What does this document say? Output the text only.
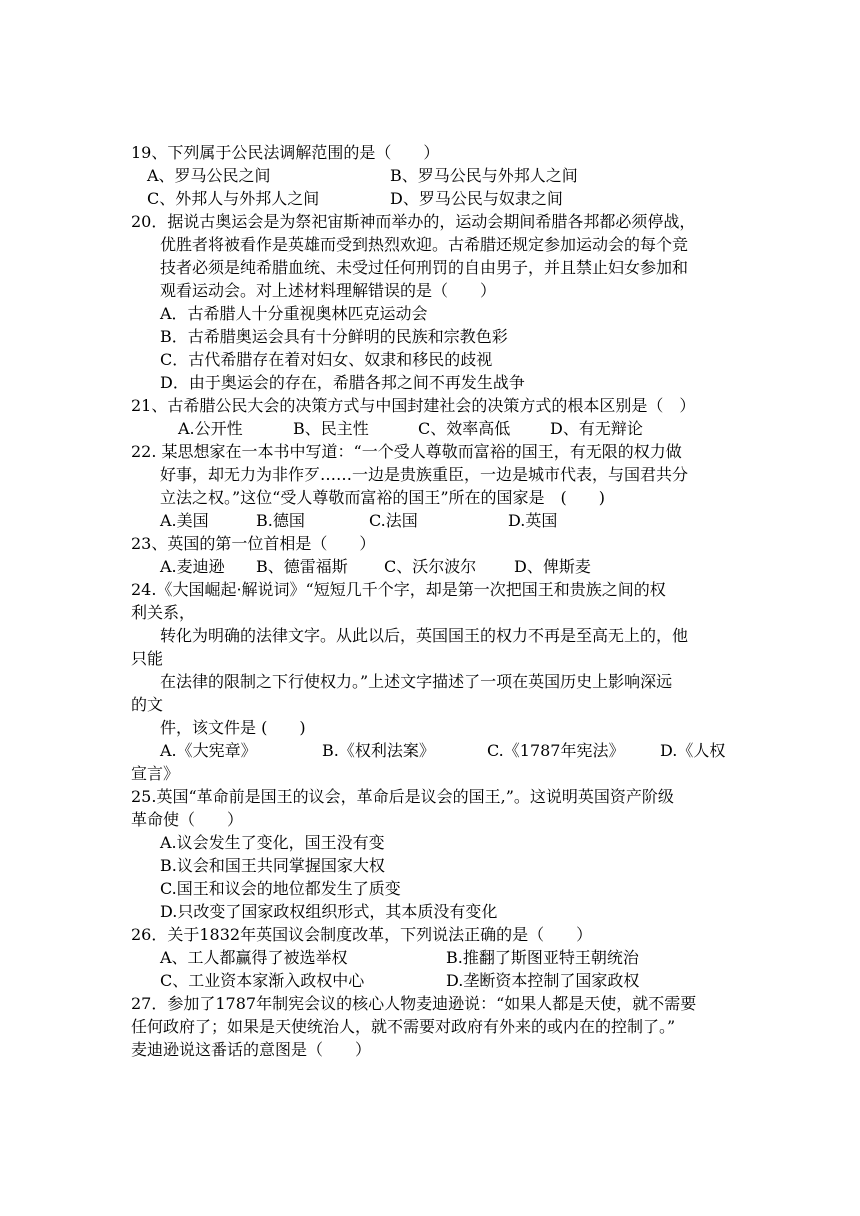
19、下列属于公民法调解范围的是（　　）
A、罗马公民之间	B、罗马公民与外邦人之间
C、外邦人与外邦人之间	D、罗马公民与奴隶之间
20．据说古奥运会是为祭祀宙斯神而举办的，运动会期间希腊各邦都必须停战，
优胜者将被看作是英雄而受到热烈欢迎。古希腊还规定参加运动会的每个竞
技者必须是纯希腊血统、未受过任何刑罚的自由男子，并且禁止妇女参加和
观看运动会。对上述材料理解错误的是（　　）
A．古希腊人十分重视奥林匹克运动会
B．古希腊奥运会具有十分鲜明的民族和宗教色彩
C．古代希腊存在着对妇女、奴隶和移民的歧视
D．由于奥运会的存在，希腊各邦之间不再发生战争
21、古希腊公民大会的决策方式与中国封建社会的决策方式的根本区别是（　）
A.公开性	B、民主性	C、效率高低 D、有无辩论
22. 某思想家在一本书中写道：“一个受人尊敬而富裕的国王，有无限的权力做
好事，却无力为非作歹……一边是贵族重臣，一边是城市代表，与国君共分
立法之权。”这位“受人尊敬而富裕的国王”所在的国家是　(　　)
A.美国	B.德国	C.法国	D.英国
23、英国的第一位首相是（　　）
A.麦迪逊 B、德雷福斯 C、沃尔波尔 D、俾斯麦
24.《大国崛起·解说词》“短短几千个字，却是第一次把国王和贵族之间的权
利关系，
转化为明确的法律文字。从此以后，英国国王的权力不再是至高无上的，他
只能
在法律的限制之下行使权力。”上述文字描述了一项在英国历史上影响深远
的文
件，该文件是 (　　)
A.《大宪章》	B.《权利法案》	C.《1787年宪法》 D.《人权
宣言》
25.英国“革命前是国王的议会，革命后是议会的国王,”。这说明英国资产阶级
革命使（　　）
A.议会发生了变化，国王没有变
B.议会和国王共同掌握国家大权
C.国王和议会的地位都发生了质变
D.只改变了国家政权组织形式，其本质没有变化
26．关于1832年英国议会制度改革，下列说法正确的是（　　）
A、工人都赢得了被选举权	B.推翻了斯图亚特王朝统治
C、工业资本家渐入政权中心	D.垄断资本控制了国家政权
27．参加了1787年制宪会议的核心人物麦迪逊说：“如果人都是天使，就不需要
任何政府了；如果是天使统治人，就不需要对政府有外来的或内在的控制了。”
麦迪逊说这番话的意图是（　　）
